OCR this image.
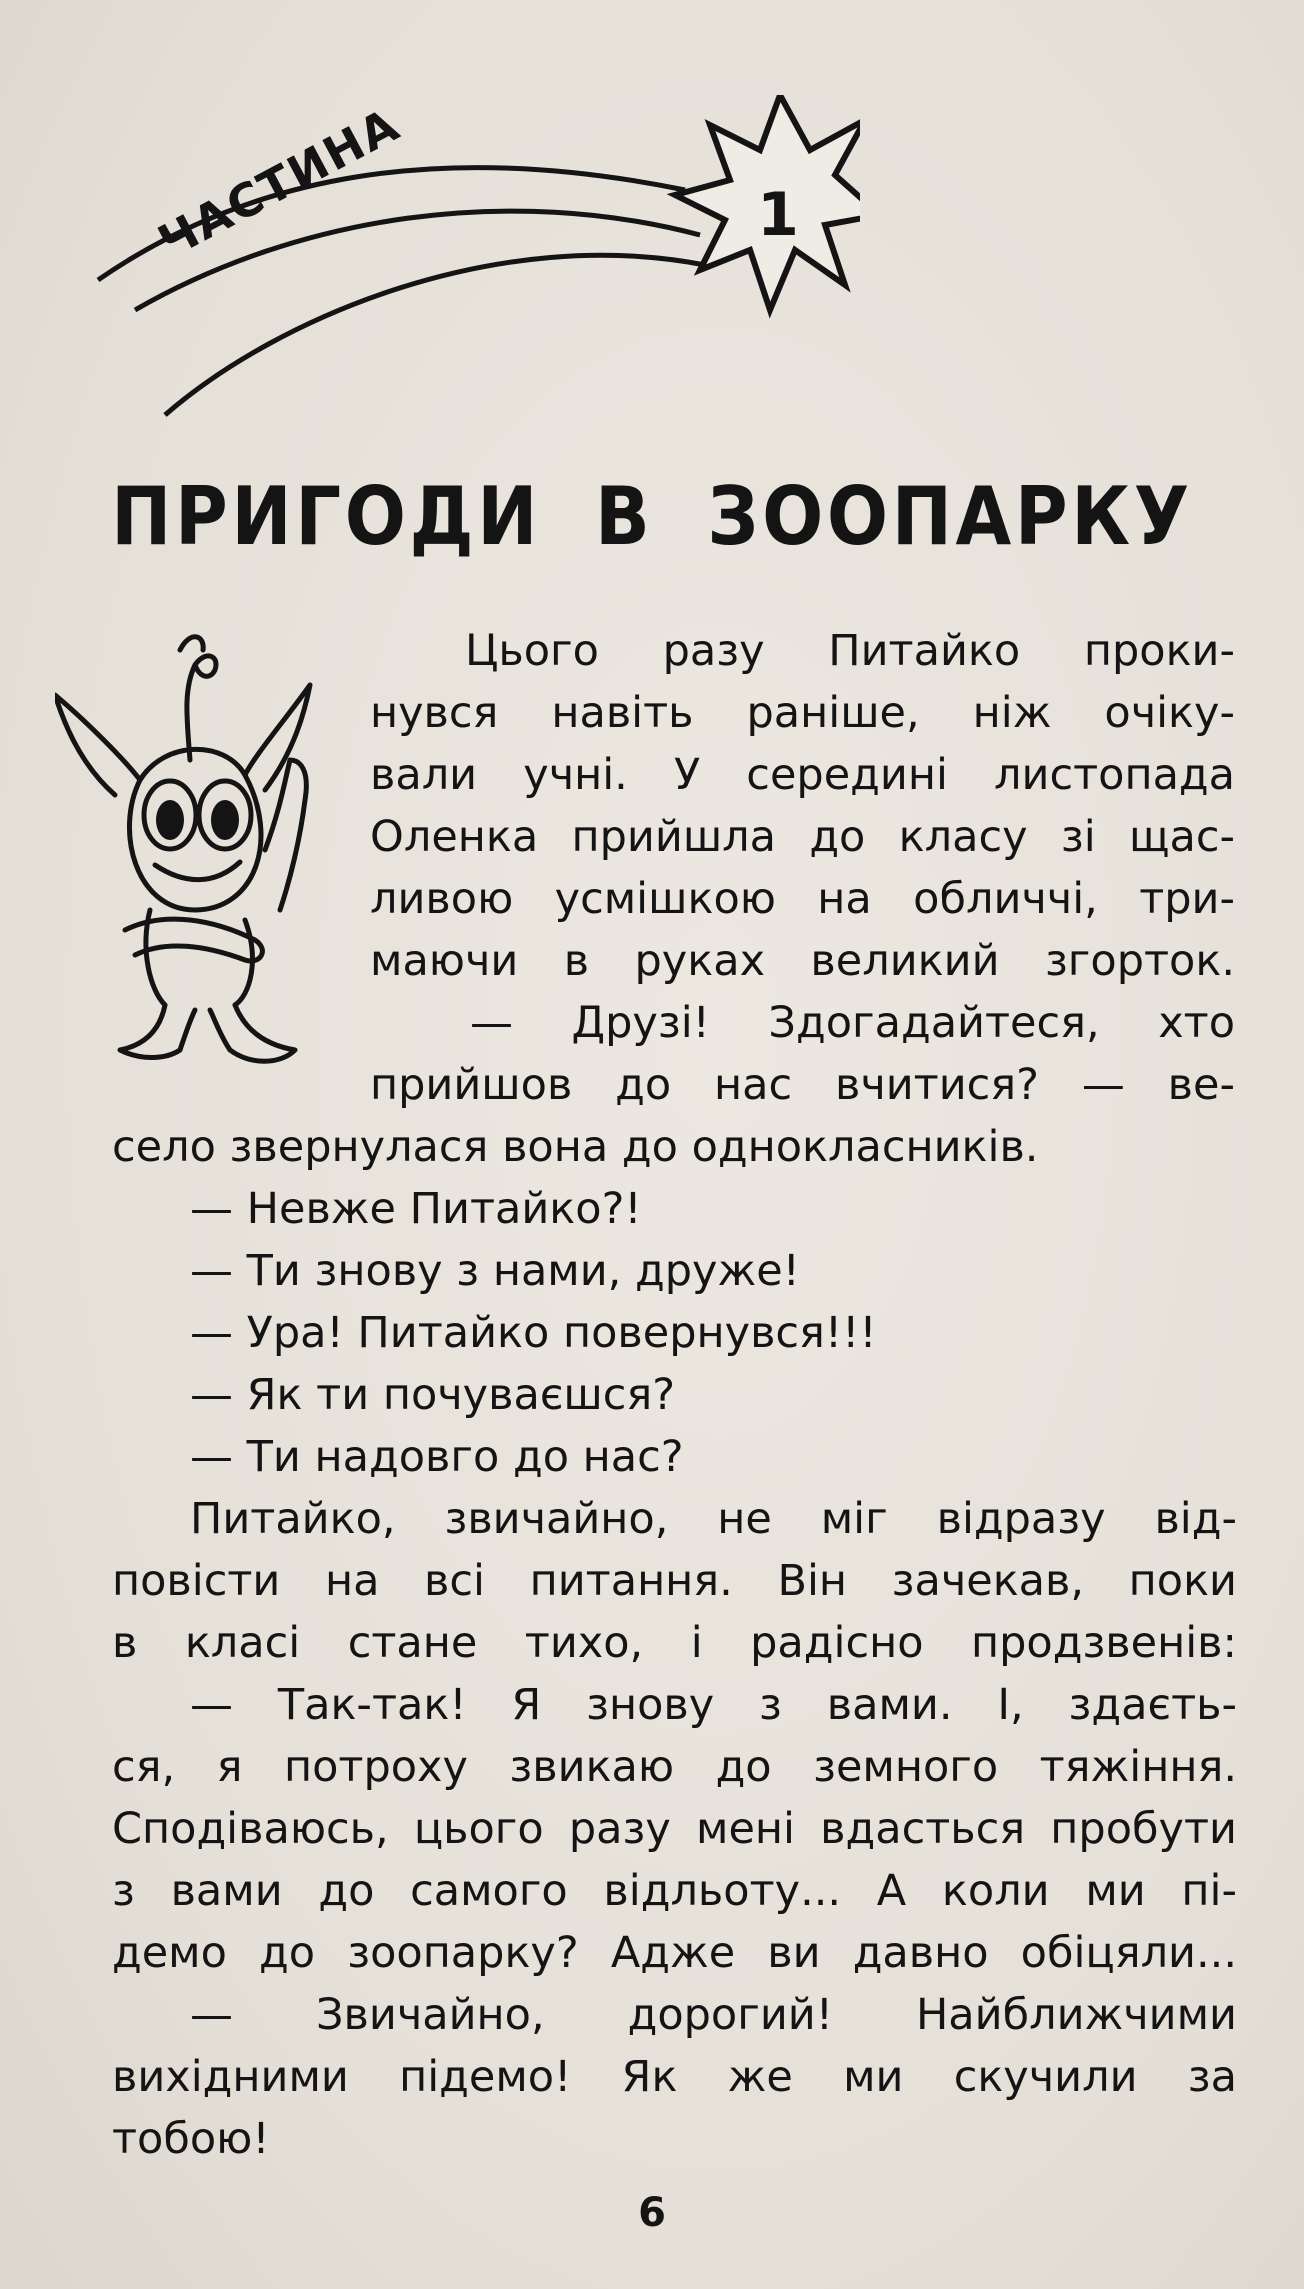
1
ЧАСТИНА
ПРИГОДИ В ЗООПАРКУ
Цього разу Питайко проки-
нувся навіть раніше, ніж очіку-
вали учні. У середині листопада
Оленка прийшла до класу зі щас-
ливою усмішкою на обличчі, три-
маючи в руках великий згорток.
— Друзі! Здогадайтеся, хто
прийшов до нас вчитися? — ве-
село звернулася вона до однокласників.
— Невже Питайко?!
— Ти знову з нами, друже!
— Ура! Питайко повернувся!!!
— Як ти почуваєшся?
— Ти надовго до нас?
Питайко, звичайно, не міг відразу від-
повісти на всі питання. Він зачекав, поки
в класі стане тихо, і радісно продзвенів:
— Так-так! Я знову з вами. І, здаєть-
ся, я потроху звикаю до земного тяжіння.
Сподіваюсь, цього разу мені вдасться пробути
з вами до самого відльоту... А коли ми пі-
демо до зоопарку? Адже ви давно обіцяли...
— Звичайно, дорогий! Найближчими
вихідними підемо! Як же ми скучили за
тобою!
6
